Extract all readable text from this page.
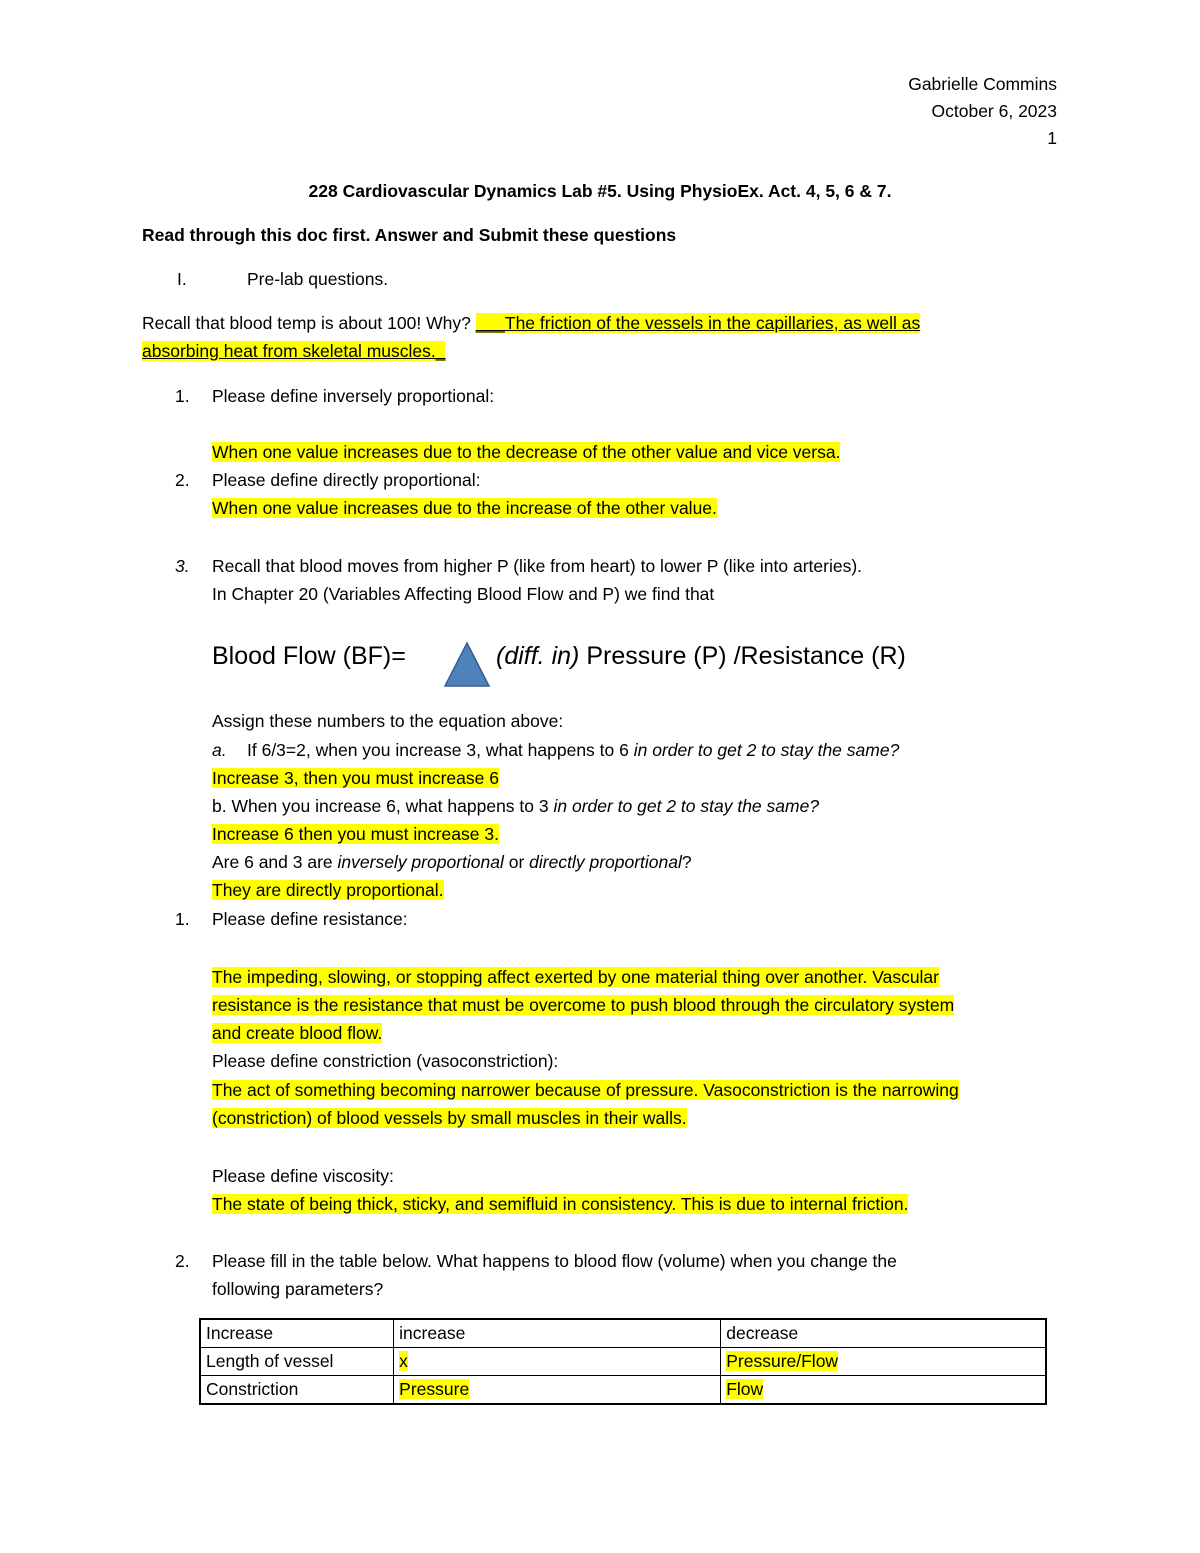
Gabrielle Commins
October 6, 2023
1
228 Cardiovascular Dynamics Lab #5. Using PhysioEx. Act. 4, 5, 6 & 7.
Read through this doc first. Answer and Submit these questions
I.	Pre-lab questions.
Recall that blood temp is about 100! Why? ___The friction of the vessels in the capillaries, as well as
absorbing heat from skeletal muscles._
1. Please define inversely proportional:
When one value increases due to the decrease of the other value and vice versa.
2. Please define directly proportional:
When one value increases due to the increase of the other value.
3. Recall that blood moves from higher P (like from heart) to lower P (like into arteries).
In Chapter 20 (Variables Affecting Blood Flow and P) we find that
Blood Flow (BF)=	(diff. in) Pressure (P) /Resistance (R)
Assign these numbers to the equation above:
a. If 6/3=2, when you increase 3, what happens to 6 in order to get 2 to stay the same?
Increase 3, then you must increase 6
b. When you increase 6, what happens to 3 in order to get 2 to stay the same?
Increase 6 then you must increase 3.
Are 6 and 3 are inversely proportional or directly proportional?
They are directly proportional.
1. Please define resistance:
The impeding, slowing, or stopping affect exerted by one material thing over another. Vascular
resistance is the resistance that must be overcome to push blood through the circulatory system
and create blood flow.
Please define constriction (vasoconstriction):
The act of something becoming narrower because of pressure. Vasoconstriction is the narrowing
(constriction) of blood vessels by small muscles in their walls.
Please define viscosity:
The state of being thick, sticky, and semifluid in consistency. This is due to internal friction.
2. Please fill in the table below. What happens to blood flow (volume) when you change the
following parameters?
Increase	increase	decrease
Length of vessel	x	Pressure/Flow
Constriction	Pressure	Flow
